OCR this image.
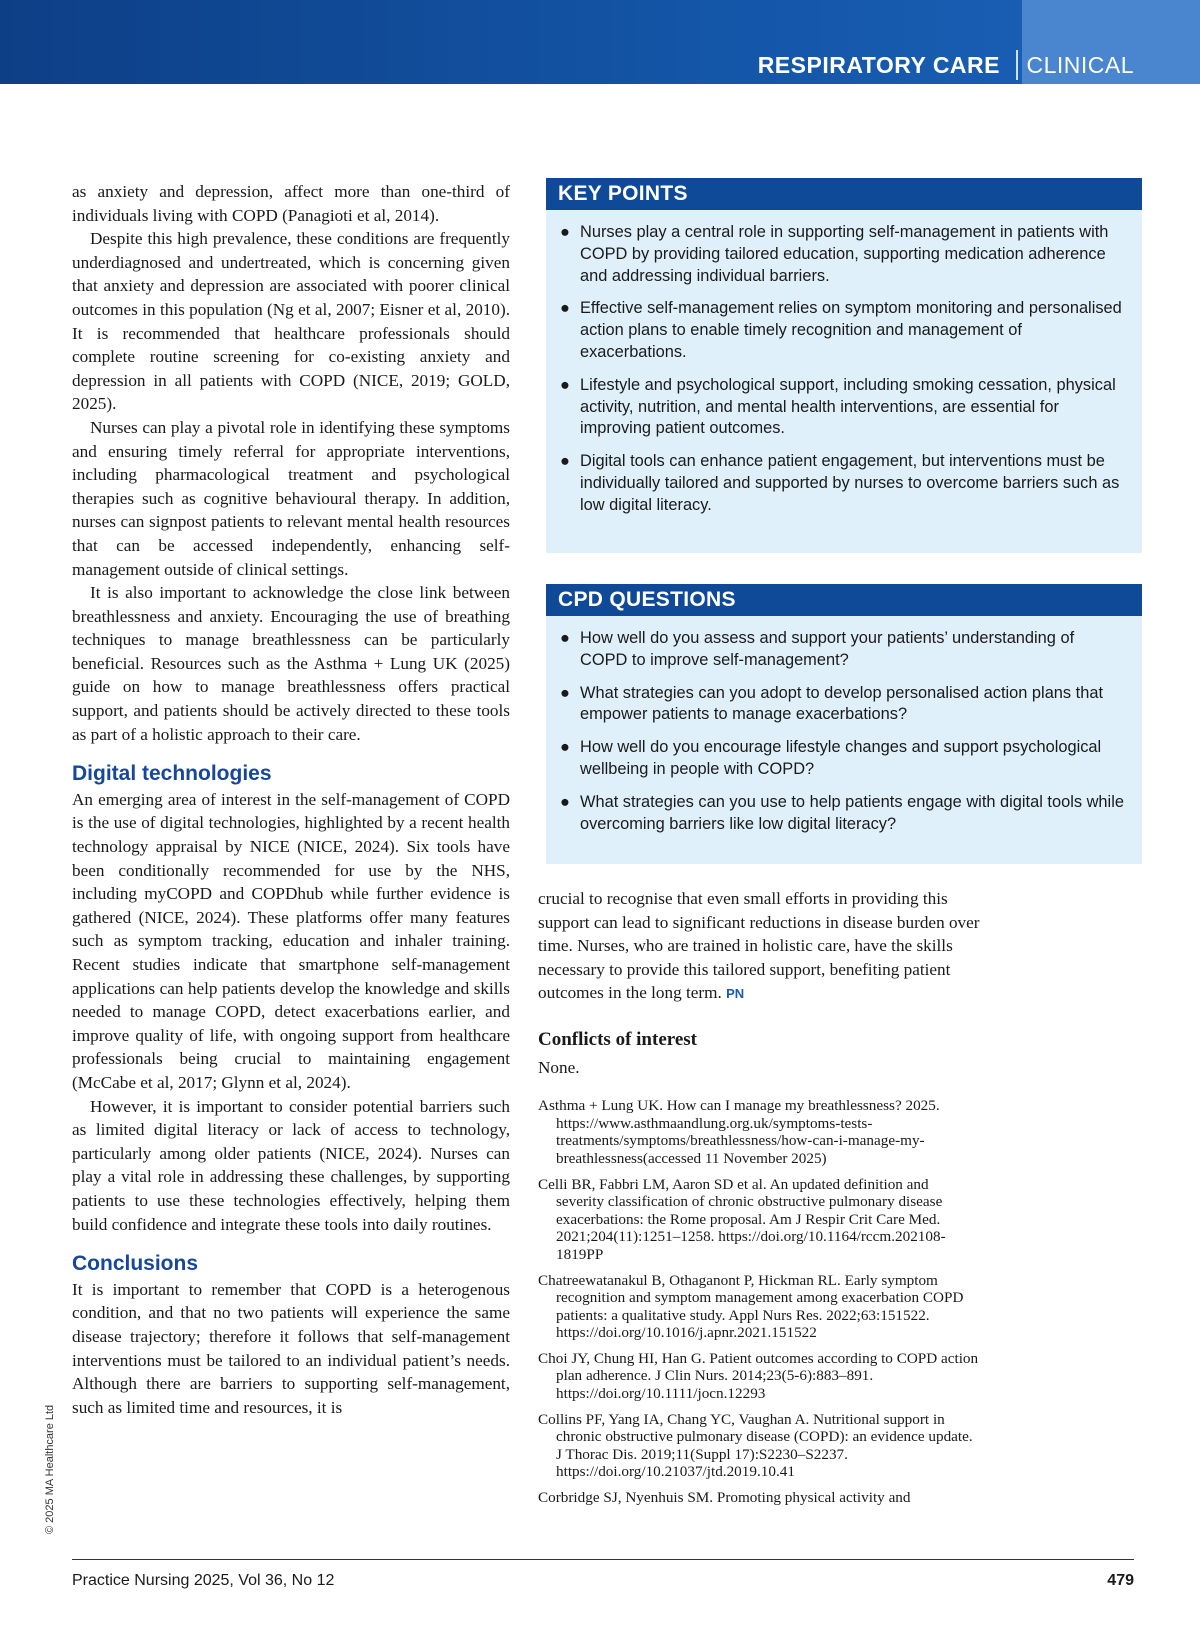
RESPIRATORY CARE CLINICAL

as anxiety and depression, affect more than one-third of individuals living with COPD (Panagioti et al, 2014).

Despite this high prevalence, these conditions are frequently underdiagnosed and undertreated, which is concerning given that anxiety and depression are associated with poorer clinical outcomes in this population (Ng et al, 2007; Eisner et al, 2010). It is recommended that healthcare professionals should complete routine screening for co-existing anxiety and depression in all patients with COPD (NICE, 2019; GOLD, 2025).

Nurses can play a pivotal role in identifying these symptoms and ensuring timely referral for appropriate interventions, including pharmacological treatment and psychological therapies such as cognitive behavioural therapy. In addition, nurses can signpost patients to relevant mental health resources that can be accessed independently, enhancing self-management outside of clinical settings.

It is also important to acknowledge the close link between breathlessness and anxiety. Encouraging the use of breathing techniques to manage breathlessness can be particularly beneficial. Resources such as the Asthma + Lung UK (2025) guide on how to manage breathlessness offers practical support, and patients should be actively directed to these tools as part of a holistic approach to their care.

Digital technologies

An emerging area of interest in the self-management of COPD is the use of digital technologies, highlighted by a recent health technology appraisal by NICE (NICE, 2024). Six tools have been conditionally recommended for use by the NHS, including myCOPD and COPDhub while further evidence is gathered (NICE, 2024). These platforms offer many features such as symptom tracking, education and inhaler training. Recent studies indicate that smartphone self-management applications can help patients develop the knowledge and skills needed to manage COPD, detect exacerbations earlier, and improve quality of life, with ongoing support from healthcare professionals being crucial to maintaining engagement (McCabe et al, 2017; Glynn et al, 2024).

However, it is important to consider potential barriers such as limited digital literacy or lack of access to technology, particularly among older patients (NICE, 2024). Nurses can play a vital role in addressing these challenges, by supporting patients to use these technologies effectively, helping them build confidence and integrate these tools into daily routines.

Conclusions

It is important to remember that COPD is a heterogenous condition, and that no two patients will experience the same disease trajectory; therefore it follows that self-management interventions must be tailored to an individual patient’s needs. Although there are barriers to supporting self-management, such as limited time and resources, it is

KEY POINTS
● Nurses play a central role in supporting self-management in patients with COPD by providing tailored education, supporting medication adherence and addressing individual barriers.
● Effective self-management relies on symptom monitoring and personalised action plans to enable timely recognition and management of exacerbations.
● Lifestyle and psychological support, including smoking cessation, physical activity, nutrition, and mental health interventions, are essential for improving patient outcomes.
● Digital tools can enhance patient engagement, but interventions must be individually tailored and supported by nurses to overcome barriers such as low digital literacy.
CPD QUESTIONS
● How well do you assess and support your patients’ understanding of COPD to improve self-management?
● What strategies can you adopt to develop personalised action plans that empower patients to manage exacerbations?
● How well do you encourage lifestyle changes and support psychological wellbeing in people with COPD?
● What strategies can you use to help patients engage with digital tools while overcoming barriers like low digital literacy?

crucial to recognise that even small efforts in providing this support can lead to significant reductions in disease burden over time. Nurses, who are trained in holistic care, have the skills necessary to provide this tailored support, benefiting patient outcomes in the long term. PN

Conflicts of interest

None.

Asthma + Lung UK. How can I manage my breathlessness? 2025. https://www.asthmaandlung.org.uk/symptoms-tests-treatments/symptoms/breathlessness/how-can-i-manage-my-breathlessness(accessed 11 November 2025)
Celli BR, Fabbri LM, Aaron SD et al. An updated definition and severity classification of chronic obstructive pulmonary disease exacerbations: the Rome proposal. Am J Respir Crit Care Med. 2021;204(11):1251–1258. https://doi.org/10.1164/rccm.202108-1819PP
Chatreewatanakul B, Othaganont P, Hickman RL. Early symptom recognition and symptom management among exacerbation COPD patients: a qualitative study. Appl Nurs Res. 2022;63:151522. https://doi.org/10.1016/j.apnr.2021.151522
Choi JY, Chung HI, Han G. Patient outcomes according to COPD action plan adherence. J Clin Nurs. 2014;23(5-6):883–891. https://doi.org/10.1111/jocn.12293
Collins PF, Yang IA, Chang YC, Vaughan A. Nutritional support in chronic obstructive pulmonary disease (COPD): an evidence update. J Thorac Dis. 2019;11(Suppl 17):S2230–S2237. https://doi.org/10.21037/jtd.2019.10.41
Corbridge SJ, Nyenhuis SM. Promoting physical activity and
© 2025 MA Healthcare Ltd
Practice Nursing 2025, Vol 36, No 12	479
